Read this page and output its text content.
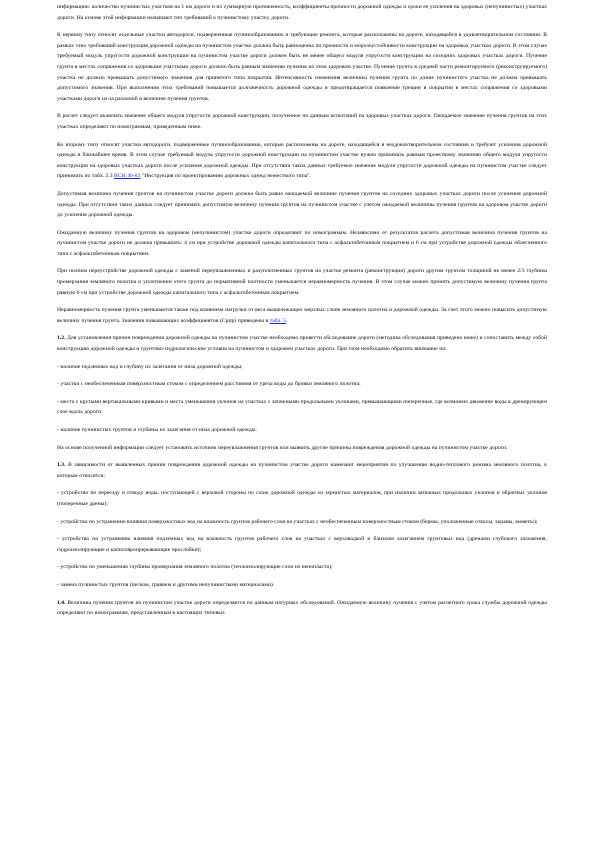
информацию: количество пучинистых участков на 1 км дороги и их суммарную протяженность, коэффициенты прочности дорожной одежды и сроки ее усиления на здоровых (непучинистых) участках дороги. На основе этой информации назначают тип требований к пучинистому участку дороги.

К первому типу относят отдельные участки автодороги, подверженные пучинообразованию и требующие ремонта, которые расположены на дороге, находящейся в удовлетворительном состоянии. В рамках этих требований конструкция дорожной одежды на пучинистом участке должна быть равноценна по прочности и морозоустойчивости конструкции на здоровых участках дороги. В этом случае требуемый модуль упругости дорожной конструкции на пучинистом участке дороги должен быть не менее общего модуля упругости конструкции на соседних здоровых участках дороги. Пучение грунта в местах сопряжения со здоровыми участками дороги должно быть равным значению пучения на этом здоровом участке. Пучение грунта в средней части ремонтируемого (реконструируемого) участка не должно превышать допустимого значения для принятого типа покрытия. Интенсивность изменения величины пучения грунта по длине пучинистого участка не должна превышать допустимого значения. При выполнении этих требований повышается долговечность дорожной одежды и предотвращается появление трещин в покрытии в местах сопряжения со здоровыми участками дороги из-за различий в величине пучения грунтов.

В расчет следует включать значение общего модуля упругости дорожной конструкции, полученное по данным испытаний на здоровых участках дороги. Ожидаемое значение пучения грунтов на этих участках определяют по номограммам, приведенным ниже.

Ко второму типу относят участки автодороги, подверженные пучинообразованию, которые расположены на дороге, находящейся в неудовлетворительном состоянии и требуют усиления дорожной одежды в ближайшее время. В этом случае требуемый модуль упругости дорожной конструкции на пучинистом участке нужно принимать равным проектному значению общего модуля упругости конструкции на здоровых участках дороги после усиления дорожной одежды. При отсутствии таких данных требуемое значение модуля упругости дорожной одежды на пучинистом участке следует принимать по табл. 3.3 ВСН 46-83 "Инструкция по проектированию дорожных одежд нежесткого типа".

Допустимая величина пучения грунтов на пучинистом участке дороги должна быть равна ожидаемой величине пучения грунтов на соседних здоровых участках дороги после усиления дорожной одежды. При отсутствии таких данных следует принимать допустимую величину пучения грунтов на пучинистом участке с учетом ожидаемой величины пучения грунтов на здоровом участке дороги до усиления дорожной одежды.

Ожидаемую величину пучения грунтов на здоровом (непучинистом) участке дороги определяют по номограммам. Независимо от результатов расчета допустимая величина пучения грунтов на пучинистом участке дороги не должна превышать: 4 см при устройстве дорожной одежды капитального типа с асфальтобетонным покрытием и 6 см при устройстве дорожной одежды облегченного типа с асфальтобетонным покрытием.

При полном переустройстве дорожной одежды с заменой переувлажненных и разуплотненных грунтов на участке ремонта (реконструкции) дороги другим грунтом толщиной не менее 2/3 глубины промерзания земляного полотна и уплотнении этого грунта до нормативной плотности уменьшается неравномерность пучения. В этом случае можно принять допустимую величину пучения грунта равную 6 см при устройстве дорожной одежды капитального типа с асфальтобетонным покрытием.

Неравномерность пучения грунта уменьшается также под влиянием нагрузки от веса вышележащих мерзлых слоев земляного полотна и дорожной одежды. За счет этого можно повысить допустимую величину пучения грунта. Значения повышающих коэффициентов (Српр) приведены в табл. 5.

1.2. Для установления причин повреждения дорожной одежды на пучинистом участке необходимо провести обследование дороги (методика обследования приведена ниже) и сопоставить между собой конструкцию дорожной одежды и грунтово-гидрологические условия на пучинистом и здоровом участках дороги. При этом необходимо обратить внимание на:

- наличие подземных вод и глубину их залегания от низа дорожной одежды;

- участки с необеспеченным поверхностным стоком с определением расстояния от уреза воды до бровки земляного полотна;

- места с крутыми вертикальными кривыми и места уменьшения уклонов на участках с затяжными продольными уклонами, превышающими поперечные, где возможно движение воды в дренирующем слое вдоль дороги;

- наличие пучинистых грунтов и глубины их залегания от низа дорожной одежды.

На основе полученной информации следует установить источник переувлажнения грунтов или выявить другие причины повреждения дорожной одежды на пучинистом участке дороги.

1.3. В зависимости от выявленных причин повреждения дорожной одежды на пучинистом участке дороги намечают мероприятия по улучшению водно-теплового режима земляного полотна, к которым относятся:

- устройство по переезду и отводу воды, поступающей с верховой стороны по слою дорожной одежды из зернистых материалов, при наличии затяжных продольных уклонов и обратных уклонов (поперечные дрены);

- устройство по устранению влияния поверхностных вод на влажность грунтов рабочего слоя на участках с необеспеченным поверхностным стоком (бермы, уположенные откосы, экраны, кюветы);

- устройство по устранению влияния подземных вод на влажность грунтов рабочего слоя на участках с верховодкой и близким залеганием грунтовых вод (дренажи глубокого заложения, гидроизолирующие и капилляропрерывающие прослойки);

- устройство по уменьшению глубины промерзания земляного полотна (теплоизолирующие слои из пенопласта);

- замена пучинистых грунтов (песком, гравием и другими непучинистыми материалами).

1.4. Величина пучения грунтов на пучинистом участке дороги определяется по данным натурных обследований. Ожидаемую величину пучения с учетом расчетного срока службы дорожной одежды определяют по номограммам, представленным в настоящих типовых
